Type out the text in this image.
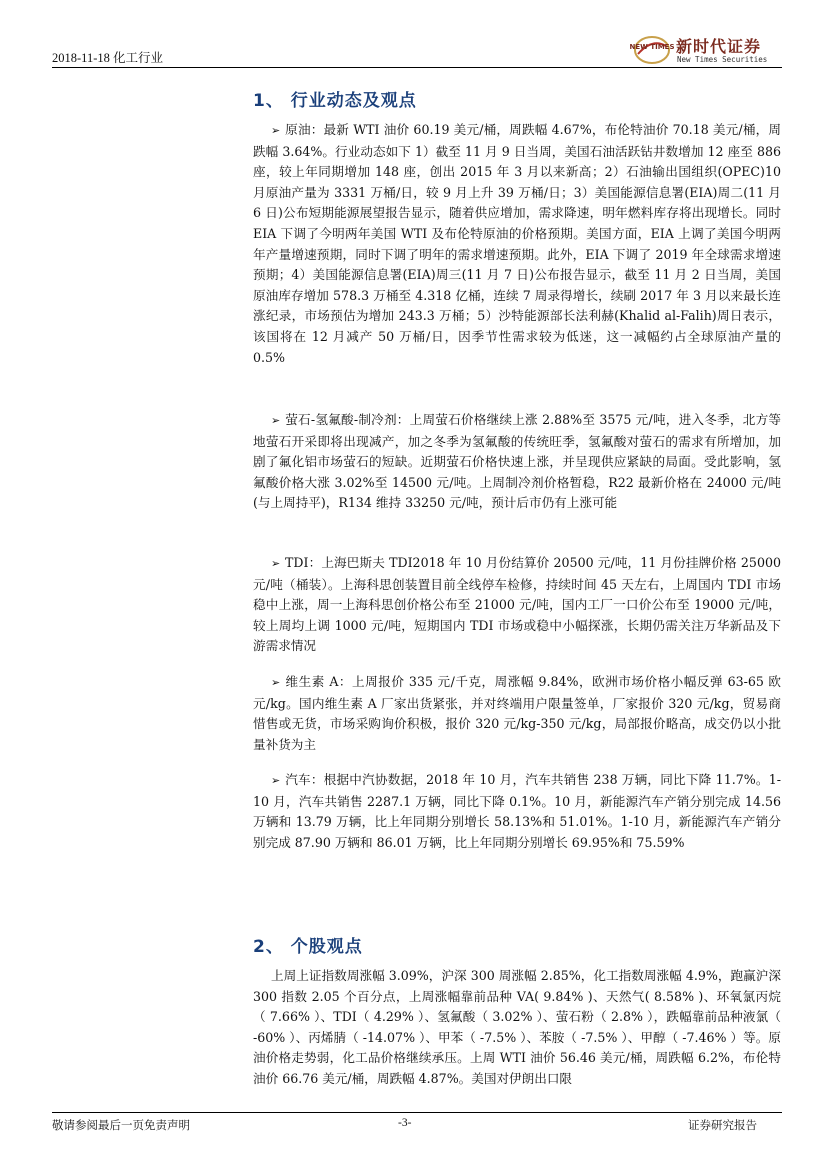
2018-11-18 化工行业
NEW TIMES 新时代证券
New Times Securities
1、 行业动态及观点
➢ 原油：最新 WTI 油价 60.19 美元/桶，周跌幅 4.67%，布伦特油价 70.18 美元/桶，周跌幅 3.64%。行业动态如下 1）截至 11 月 9 日当周，美国石油活跃钻井数增加 12 座至 886 座，较上年同期增加 148 座，创出 2015 年 3 月以来新高；2）石油输出国组织(OPEC)10 月原油产量为 3331 万桶/日，较 9 月上升 39 万桶/日；3）美国能源信息署(EIA)周二(11 月 6 日)公布短期能源展望报告显示，随着供应增加，需求降速，明年燃料库存将出现增长。同时 EIA 下调了今明两年美国 WTI 及布伦特原油的价格预期。美国方面，EIA 上调了美国今明两年产量增速预期，同时下调了明年的需求增速预期。此外，EIA 下调了 2019 年全球需求增速预期；4）美国能源信息署(EIA)周三(11 月 7 日)公布报告显示，截至 11 月 2 日当周，美国原油库存增加 578.3 万桶至 4.318 亿桶，连续 7 周录得增长，续刷 2017 年 3 月以来最长连涨纪录，市场预估为增加 243.3 万桶；5）沙特能源部长法利赫(Khalid al-Falih)周日表示，该国将在 12 月减产 50 万桶/日，因季节性需求较为低迷，这一减幅约占全球原油产量的 0.5%
➢ 萤石-氢氟酸-制冷剂：上周萤石价格继续上涨 2.88%至 3575 元/吨，进入冬季，北方等地萤石开采即将出现减产，加之冬季为氢氟酸的传统旺季，氢氟酸对萤石的需求有所增加，加剧了氟化铝市场萤石的短缺。近期萤石价格快速上涨，并呈现供应紧缺的局面。受此影响，氢氟酸价格大涨 3.02%至 14500 元/吨。上周制冷剂价格暂稳，R22 最新价格在 24000 元/吨(与上周持平)，R134 维持 33250 元/吨，预计后市仍有上涨可能
➢ TDI：上海巴斯夫 TDI2018 年 10 月份结算价 20500 元/吨，11 月份挂牌价格 25000 元/吨（桶装）。上海科思创装置目前全线停车检修，持续时间 45 天左右，上周国内 TDI 市场稳中上涨，周一上海科思创价格公布至 21000 元/吨，国内工厂一口价公布至 19000 元/吨，较上周均上调 1000 元/吨，短期国内 TDI 市场或稳中小幅探涨，长期仍需关注万华新品及下游需求情况
➢ 维生素 A：上周报价 335 元/千克，周涨幅 9.84%，欧洲市场价格小幅反弹 63-65 欧元/kg。国内维生素 A 厂家出货紧张，并对终端用户限量签单，厂家报价 320 元/kg，贸易商惜售或无货，市场采购询价积极，报价 320 元/kg-350 元/kg，局部报价略高，成交仍以小批量补货为主
➢ 汽车：根据中汽协数据，2018 年 10 月，汽车共销售 238 万辆，同比下降 11.7%。1-10 月，汽车共销售 2287.1 万辆，同比下降 0.1%。10 月，新能源汽车产销分别完成 14.56 万辆和 13.79 万辆，比上年同期分别增长 58.13%和 51.01%。1-10 月，新能源汽车产销分别完成 87.90 万辆和 86.01 万辆，比上年同期分别增长 69.95%和 75.59%
2、 个股观点
上周上证指数周涨幅 3.09%，沪深 300 周涨幅 2.85%，化工指数周涨幅 4.9%，跑赢沪深 300 指数 2.05 个百分点，上周涨幅靠前品种 VA( 9.84% )、天然气( 8.58% )、环氧氯丙烷（ 7.66% ）、TDI（ 4.29% ）、氢氟酸（ 3.02% ）、萤石粉（ 2.8% ），跌幅靠前品种液氯（ -60% ）、丙烯腈（ -14.07% ）、甲苯（ -7.5% ）、苯胺（ -7.5% ）、甲醇（ -7.46% ）等。原油价格走势弱，化工品价格继续承压。上周 WTI 油价 56.46 美元/桶，周跌幅 6.2%，布伦特油价 66.76 美元/桶，周跌幅 4.87%。美国对伊朗出口限
敬请参阅最后一页免责声明	-3-	证券研究报告
